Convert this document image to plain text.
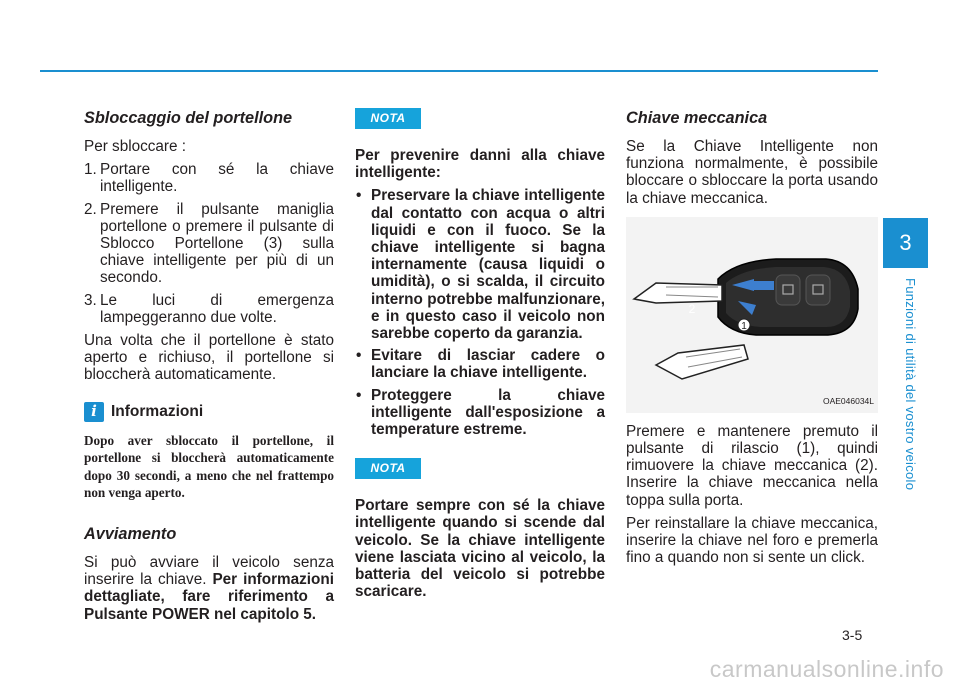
Sbloccaggio del portellone

Per sbloccare :

1. Portare con sé la chiave intelligente.
2. Premere il pulsante maniglia portellone o premere il pulsante di Sblocco Portellone (3) sulla chiave intelligente per più di un secondo.
3. Le luci di emergenza lampeggeranno due volte.

Una volta che il portellone è stato aperto e richiuso, il portellone si bloccherà automaticamente.

i Informazioni
Dopo aver sbloccato il portellone, il portellone si bloccherà automaticamente dopo 30 secondi, a meno che nel frattempo non venga aperto.
Avviamento

Si può avviare il veicolo senza inserire la chiave. Per informazioni dettagliate, fare riferimento a Pulsante POWER nel capitolo 5.

NOTA

Per prevenire danni alla chiave intelligente:

• Preservare la chiave intelligente dal contatto con acqua o altri liquidi e con il fuoco. Se la chiave intelligente si bagna internamente (causa liquidi o umidità), o si scalda, il circuito interno potrebbe malfunzionare, e in questo caso il veicolo non sarebbe coperto da garanzia.
• Evitare di lasciar cadere o lanciare la chiave intelligente.
• Proteggere la chiave intelligente dall'esposizione a temperature estreme.
NOTA

Portare sempre con sé la chiave intelligente quando si scende dal veicolo. Se la chiave intelligente viene lasciata vicino al veicolo, la batteria del veicolo si potrebbe scaricare.

Chiave meccanica

Se la Chiave Intelligente non funziona normalmente, è possibile bloccare o sbloccare la porta usando la chiave meccanica.

1
2
OAE046034L

Premere e mantenere premuto il pulsante di rilascio (1), quindi rimuovere la chiave meccanica (2). Inserire la chiave meccanica nella toppa sulla porta.

Per reinstallare la chiave meccanica, inserire la chiave nel foro e premerla fino a quando non si sente un click.

3
Funzioni di utilità del vostro veicolo
3-5
carmanualsonline.info
